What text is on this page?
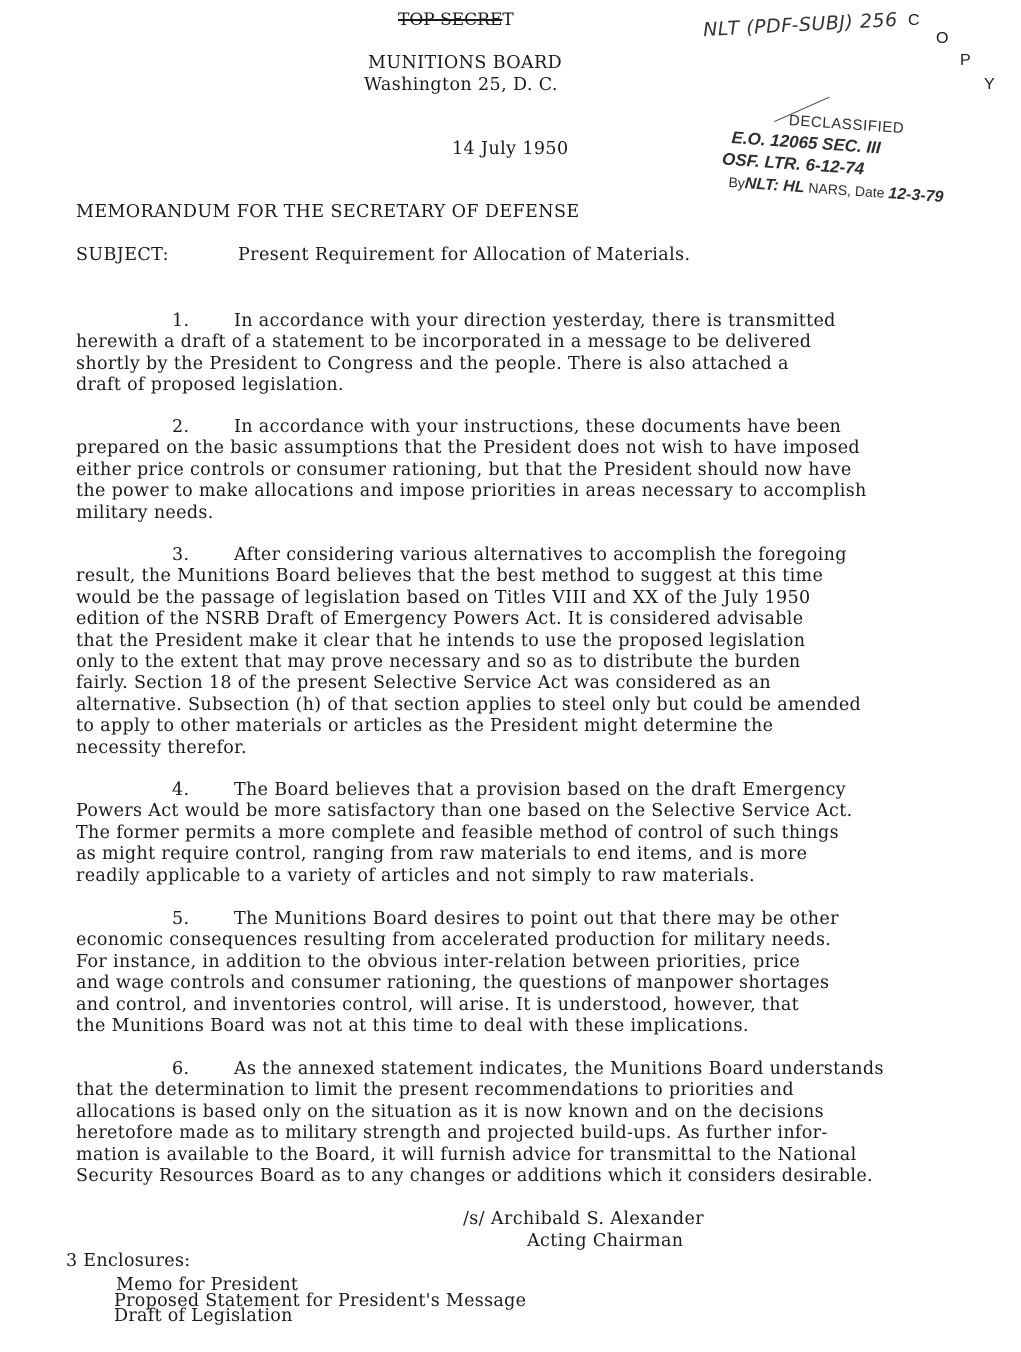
TOP SECRET	NLT (PDF-SUBJ) 256 C
O
P
Y
MUNITIONS BOARD
Washington 25, D. C.
14 July 1950
DECLASSIFIED
E.O. 12065 SEC. III
OSF. LTR. 6-12-74
ByNLT: HL NARS, Date 12-3-79
MEMORANDUM FOR THE SECRETARY OF DEFENSE
SUBJECT:	Present Requirement for Allocation of Materials.

1.	In accordance with your direction yesterday, there is transmitted

herewith a draft of a statement to be incorporated in a message to be delivered

shortly by the President to Congress and the people. There is also attached a

draft of proposed legislation.

2.	In accordance with your instructions, these documents have been

prepared on the basic assumptions that the President does not wish to have imposed

either price controls or consumer rationing, but that the President should now have

the power to make allocations and impose priorities in areas necessary to accomplish

military needs.

3.	After considering various alternatives to accomplish the foregoing

result, the Munitions Board believes that the best method to suggest at this time

would be the passage of legislation based on Titles VIII and XX of the July 1950

edition of the NSRB Draft of Emergency Powers Act. It is considered advisable

that the President make it clear that he intends to use the proposed legislation

only to the extent that may prove necessary and so as to distribute the burden

fairly. Section 18 of the present Selective Service Act was considered as an

alternative. Subsection (h) of that section applies to steel only but could be amended

to apply to other materials or articles as the President might determine the

necessity therefor.

4.	The Board believes that a provision based on the draft Emergency

Powers Act would be more satisfactory than one based on the Selective Service Act.

The former permits a more complete and feasible method of control of such things

as might require control, ranging from raw materials to end items, and is more

readily applicable to a variety of articles and not simply to raw materials.

5.	The Munitions Board desires to point out that there may be other

economic consequences resulting from accelerated production for military needs.

For instance, in addition to the obvious inter-relation between priorities, price

and wage controls and consumer rationing, the questions of manpower shortages

and control, and inventories control, will arise. It is understood, however, that

the Munitions Board was not at this time to deal with these implications.

6.	As the annexed statement indicates, the Munitions Board understands

that the determination to limit the present recommendations to priorities and

allocations is based only on the situation as it is now known and on the decisions

heretofore made as to military strength and projected build-ups. As further infor-

mation is available to the Board, it will furnish advice for transmittal to the National

Security Resources Board as to any changes or additions which it considers desirable.

/s/ Archibald S. Alexander
Acting Chairman
3 Enclosures:
Memo for President
Proposed Statement for President's Message
Draft of Legislation
